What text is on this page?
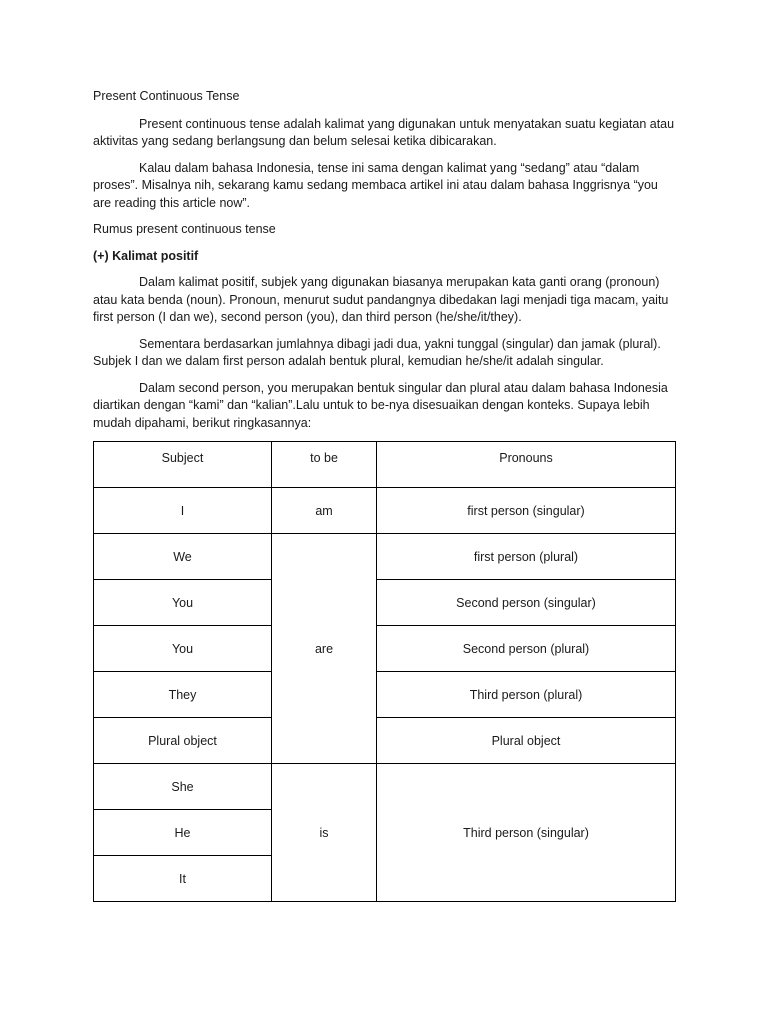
Present Continuous Tense

Present continuous tense adalah kalimat yang digunakan untuk menyatakan suatu kegiatan atau aktivitas yang sedang berlangsung dan belum selesai ketika dibicarakan.

Kalau dalam bahasa Indonesia, tense ini sama dengan kalimat yang “sedang” atau “dalam proses”. Misalnya nih, sekarang kamu sedang membaca artikel ini atau dalam bahasa Inggrisnya “you are reading this article now”.

Rumus present continuous tense

(+) Kalimat positif

Dalam kalimat positif, subjek yang digunakan biasanya merupakan kata ganti orang (pronoun) atau kata benda (noun). Pronoun, menurut sudut pandangnya dibedakan lagi menjadi tiga macam, yaitu first person (I dan we), second person (you), dan third person (he/she/it/they).

Sementara berdasarkan jumlahnya dibagi jadi dua, yakni tunggal (singular) dan jamak (plural). Subjek I dan we dalam first person adalah bentuk plural, kemudian he/she/it adalah singular.

Dalam second person, you merupakan bentuk singular dan plural atau dalam bahasa Indonesia diartikan dengan “kami” dan “kalian”.Lalu untuk to be-nya disesuaikan dengan konteks. Supaya lebih mudah dipahami, berikut ringkasannya:

Subject	to be	Pronouns
I	am	first person (singular)
We	are	first person (plural)
You		Second person (singular)
You		Second person (plural)
They		Third person (plural)
Plural object		Plural object
She	is	Third person (singular)
He		
It		
